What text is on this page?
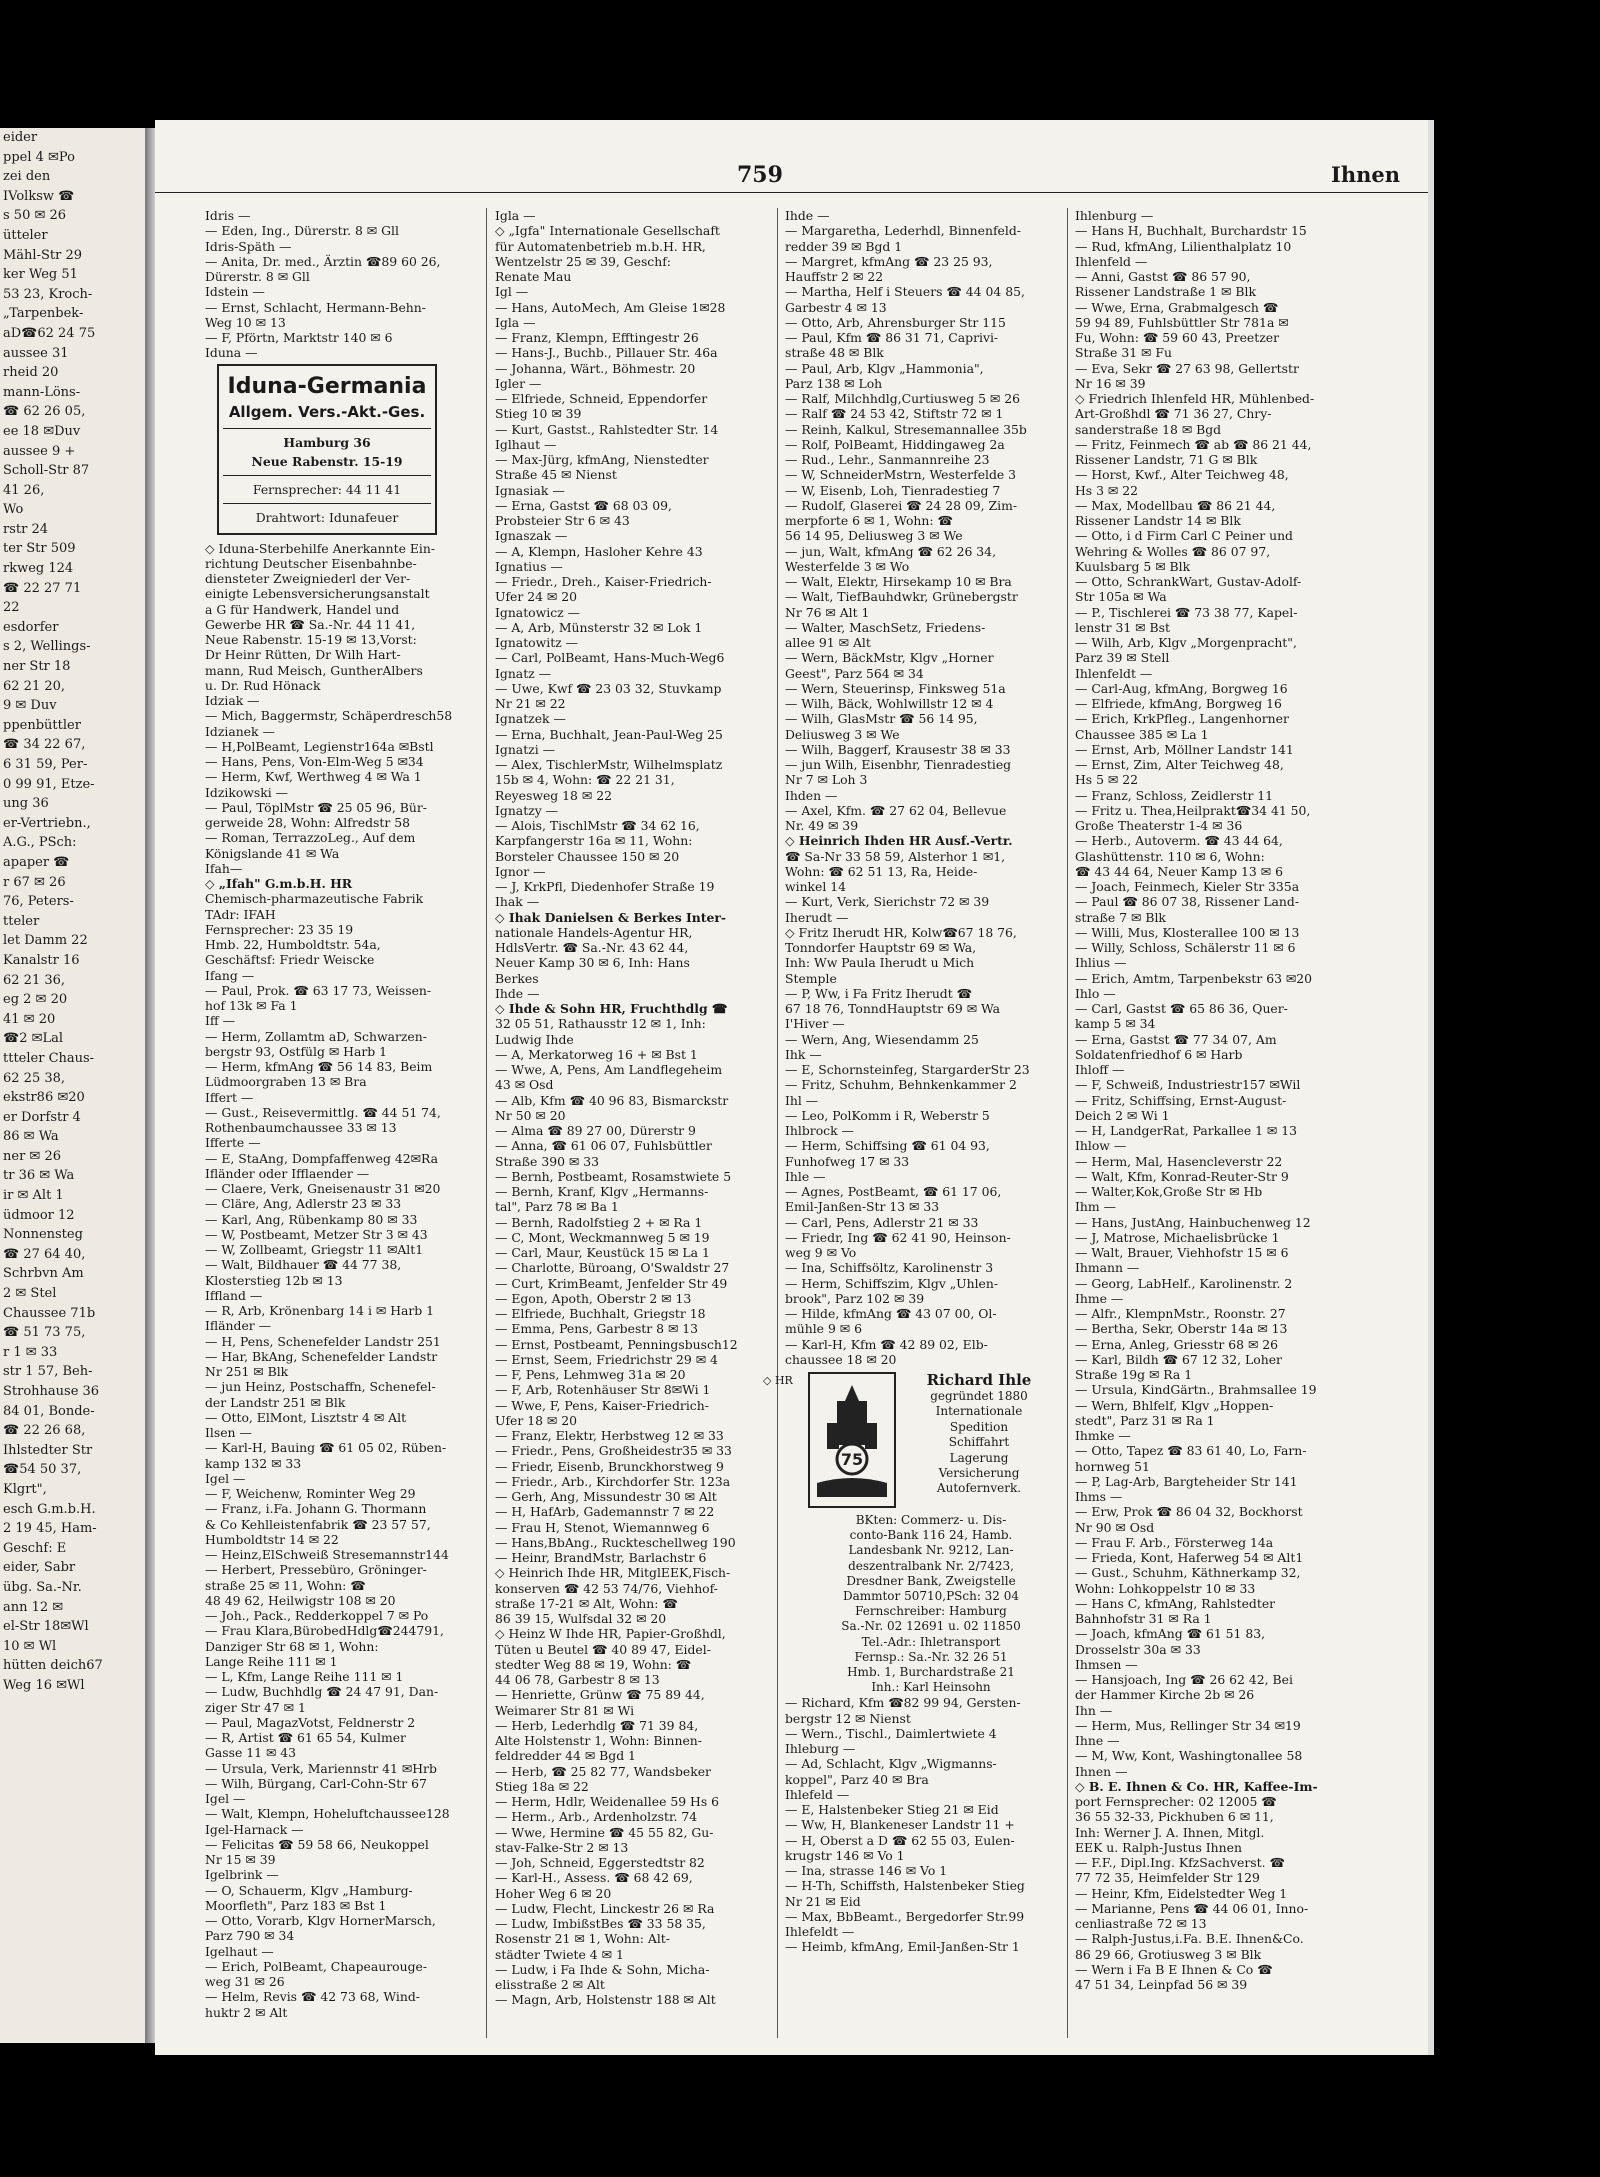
eider
ppel 4 ✉Po
zei den
IVolksw ☎
s 50 ✉ 26
ütteler
Mähl-Str 29
ker Weg 51
53 23, Kroch-
„Tarpenbek-
aD☎62 24 75
aussee 31
rheid 20
mann-Löns-
☎ 62 26 05,
ee 18 ✉Duv
aussee 9 +
Scholl-Str 87
41 26,
Wo
rstr 24
ter Str 509
rkweg 124
☎ 22 27 71
22
esdorfer
s 2, Wellings-
ner Str 18
62 21 20,
9 ✉ Duv
ppenbüttler
☎ 34 22 67,
6 31 59, Per-
0 99 91, Etze-
ung 36
er-Vertriebn.,
A.G., PSch:
apaper ☎
r 67 ✉ 26
76, Peters-
tteler
let Damm 22
Kanalstr 16
62 21 36,
eg 2 ✉ 20
41 ✉ 20
☎2 ✉Lal
ttteler Chaus-
62 25 38,
ekstr86 ✉20
er Dorfstr 4
86 ✉ Wa
ner ✉ 26
tr 36 ✉ Wa
ir ✉ Alt 1
üdmoor 12
Nonnensteg
☎ 27 64 40,
Schrbvn Am
2 ✉ Stel
Chaussee 71b
☎ 51 73 75,
r 1 ✉ 33
str 1 57, Beh-
Strohhause 36
84 01, Bonde-
☎ 22 26 68,
Ihlstedter Str
☎54 50 37,
Klgrt",
esch G.m.b.H.
2 19 45, Ham-
Geschf: E
eider, Sabr
übg. Sa.-Nr.
ann 12 ✉
el-Str 18✉Wl
10 ✉ Wl
hütten deich67
Weg 16 ✉Wl
759	Ihnen
Idris —
— Eden, Ing., Dürerstr. 8 ✉ Gll
Idris-Späth —
— Anita, Dr. med., Ärztin ☎89 60 26,
Dürerstr. 8 ✉ Gll
Idstein —
— Ernst, Schlacht, Hermann-Behn-
Weg 10 ✉ 13
— F, Pförtn, Marktstr 140 ✉ 6
Iduna —
Iduna-Germania
Allgem. Vers.-Akt.-Ges.
Hamburg 36
Neue Rabenstr. 15-19
Fernsprecher: 44 11 41
Drahtwort: Idunafeuer
◇ Iduna-Sterbehilfe Anerkannte Ein-
richtung Deutscher Eisenbahnbe-
diensteter Zweigniederl der Ver-
einigte Lebensversicherungsanstalt
a G für Handwerk, Handel und
Gewerbe HR ☎ Sa.-Nr. 44 11 41,
Neue Rabenstr. 15-19 ✉ 13,Vorst:
Dr Heinr Rütten, Dr Wilh Hart-
mann, Rud Meisch, GuntherAlbers
u. Dr. Rud Hönack
Idziak —
— Mich, Baggermstr, Schäperdresch58
Idzianek —
— H,PolBeamt, Legienstr164a ✉Bstl
— Hans, Pens, Von-Elm-Weg 5 ✉34
— Herm, Kwf, Werthweg 4 ✉ Wa 1
Idzikowski —
— Paul, TöplMstr ☎ 25 05 96, Bür-
gerweide 28, Wohn: Alfredstr 58
— Roman, TerrazzoLeg., Auf dem
Königslande 41 ✉ Wa
Ifah—
◇ „Ifah" G.m.b.H. HR
Chemisch-pharmazeutische Fabrik
TAdr: IFAH
Fernsprecher: 23 35 19
Hmb. 22, Humboldtstr. 54a,
Geschäftsf: Friedr Weiscke
Ifang —
— Paul, Prok. ☎ 63 17 73, Weissen-
hof 13k ✉ Fa 1
Iff —
— Herm, Zollamtm aD, Schwarzen-
bergstr 93, Ostfülg ✉ Harb 1
— Herm, kfmAng ☎ 56 14 83, Beim
Lüdmoorgraben 13 ✉ Bra
Iffert —
— Gust., Reisevermittlg. ☎ 44 51 74,
Rothenbaumchaussee 33 ✉ 13
Ifferte —
— E, StaAng, Dompfaffenweg 42✉Ra
Ifländer oder Ifflaender —
— Claere, Verk, Gneisenaustr 31 ✉20
— Cläre, Ang, Adlerstr 23 ✉ 33
— Karl, Ang, Rübenkamp 80 ✉ 33
— W, Postbeamt, Metzer Str 3 ✉ 43
— W, Zollbeamt, Griegstr 11 ✉Alt1
— Walt, Bildhauer ☎ 44 77 38,
Klosterstieg 12b ✉ 13
Iffland —
— R, Arb, Krönenbarg 14 i ✉ Harb 1
Ifländer —
— H, Pens, Schenefelder Landstr 251
— Har, BkAng, Schenefelder Landstr
Nr 251 ✉ Blk
— jun Heinz, Postschaffn, Schenefel-
der Landstr 251 ✉ Blk
— Otto, ElMont, Lisztstr 4 ✉ Alt
Ilsen —
— Karl-H, Bauing ☎ 61 05 02, Rüben-
kamp 132 ✉ 33
Igel —
— F, Weichenw, Rominter Weg 29
— Franz, i.Fa. Johann G. Thormann
& Co Kehlleistenfabrik ☎ 23 57 57,
Humboldtstr 14 ✉ 22
— Heinz,ElSchweiß Stresemannstr144
— Herbert, Pressebüro, Gröninger-
straße 25 ✉ 11, Wohn: ☎
48 49 62, Heilwigstr 108 ✉ 20
— Joh., Pack., Redderkoppel 7 ✉ Po
— Frau Klara,BürobedHdlg☎244791,
Danziger Str 68 ✉ 1, Wohn:
Lange Reihe 111 ✉ 1
— L, Kfm, Lange Reihe 111 ✉ 1
— Ludw, Buchhdlg ☎ 24 47 91, Dan-
ziger Str 47 ✉ 1
— Paul, MagazVotst, Feldnerstr 2
— R, Artist ☎ 61 65 54, Kulmer
Gasse 11 ✉ 43
— Ursula, Verk, Mariennstr 41 ✉Hrb
— Wilh, Bürgang, Carl-Cohn-Str 67
Igel —
— Walt, Klempn, Hoheluftchaussee128
Igel-Harnack —
— Felicitas ☎ 59 58 66, Neukoppel
Nr 15 ✉ 39
Igelbrink —
— O, Schauerm, Klgv „Hamburg-
Moorfleth", Parz 183 ✉ Bst 1
— Otto, Vorarb, Klgv HornerMarsch,
Parz 790 ✉ 34
Igelhaut —
— Erich, PolBeamt, Chapeaurouge-
weg 31 ✉ 26
— Helm, Revis ☎ 42 73 68, Wind-
huktr 2 ✉ Alt
Igla —
◇ „Igfa" Internationale Gesellschaft
für Automatenbetrieb m.b.H. HR,
Wentzelstr 25 ✉ 39, Geschf:
Renate Mau
Igl —
— Hans, AutoMech, Am Gleise 1✉28
Igla —
— Franz, Klempn, Efftingestr 26
— Hans-J., Buchb., Pillauer Str. 46a
— Johanna, Wärt., Böhmestr. 20
Igler —
— Elfriede, Schneid, Eppendorfer
Stieg 10 ✉ 39
— Kurt, Gastst., Rahlstedter Str. 14
Iglhaut —
— Max-Jürg, kfmAng, Nienstedter
Straße 45 ✉ Nienst
Ignasiak —
— Erna, Gastst ☎ 68 03 09,
Probsteier Str 6 ✉ 43
Ignaszak —
— A, Klempn, Hasloher Kehre 43
Ignatius —
— Friedr., Dreh., Kaiser-Friedrich-
Ufer 24 ✉ 20
Ignatowicz —
— A, Arb, Münsterstr 32 ✉ Lok 1
Ignatowitz —
— Carl, PolBeamt, Hans-Much-Weg6
Ignatz —
— Uwe, Kwf ☎ 23 03 32, Stuvkamp
Nr 21 ✉ 22
Ignatzek —
— Erna, Buchhalt, Jean-Paul-Weg 25
Ignatzi —
— Alex, TischlerMstr, Wilhelmsplatz
15b ✉ 4, Wohn: ☎ 22 21 31,
Reyesweg 18 ✉ 22
Ignatzy —
— Alois, TischlMstr ☎ 34 62 16,
Karpfangerstr 16a ✉ 11, Wohn:
Borsteler Chaussee 150 ✉ 20
Ignor —
— J, KrkPfl, Diedenhofer Straße 19
Ihak —
◇ Ihak Danielsen & Berkes Inter-
nationale Handels-Agentur HR,
HdlsVertr. ☎ Sa.-Nr. 43 62 44,
Neuer Kamp 30 ✉ 6, Inh: Hans
Berkes
Ihde —
◇ Ihde & Sohn HR, Fruchthdlg ☎
32 05 51, Rathausstr 12 ✉ 1, Inh:
Ludwig Ihde
— A, Merkatorweg 16 + ✉ Bst 1
— Wwe, A, Pens, Am Landflegeheim
43 ✉ Osd
— Alb, Kfm ☎ 40 96 83, Bismarckstr
Nr 50 ✉ 20
— Alma ☎ 89 27 00, Dürerstr 9
— Anna, ☎ 61 06 07, Fuhlsbüttler
Straße 390 ✉ 33
— Bernh, Postbeamt, Rosamstwiete 5
— Bernh, Kranf, Klgv „Hermanns-
tal", Parz 78 ✉ Ba 1
— Bernh, Radolfstieg 2 + ✉ Ra 1
— C, Mont, Weckmannweg 5 ✉ 19
— Carl, Maur, Keustück 15 ✉ La 1
— Charlotte, Büroang, O'Swaldstr 27
— Curt, KrimBeamt, Jenfelder Str 49
— Egon, Apoth, Oberstr 2 ✉ 13
— Elfriede, Buchhalt, Griegstr 18
— Emma, Pens, Garbestr 8 ✉ 13
— Ernst, Postbeamt, Penningsbusch12
— Ernst, Seem, Friedrichstr 29 ✉ 4
— F, Pens, Lehmweg 31a ✉ 20
— F, Arb, Rotenhäuser Str 8✉Wi 1
— Wwe, F, Pens, Kaiser-Friedrich-
Ufer 18 ✉ 20
— Franz, Elektr, Herbstweg 12 ✉ 33
— Friedr., Pens, Großheidestr35 ✉ 33
— Friedr, Eisenb, Brunckhorstweg 9
— Friedr., Arb., Kirchdorfer Str. 123a
— Gerh, Ang, Missundestr 30 ✉ Alt
— H, HafArb, Gademannstr 7 ✉ 22
— Frau H, Stenot, Wiemannweg 6
— Hans,BbAng., Ruckteschellweg 190
— Heinr, BrandMstr, Barlachstr 6
◇ Heinrich Ihde HR, MitglEEK,Fisch-
konserven ☎ 42 53 74/76, Viehhof-
straße 17-21 ✉ Alt, Wohn: ☎
86 39 15, Wulfsdal 32 ✉ 20
◇ Heinz W Ihde HR, Papier-Großhdl,
Tüten u Beutel ☎ 40 89 47, Eidel-
stedter Weg 88 ✉ 19, Wohn: ☎
44 06 78, Garbestr 8 ✉ 13
— Henriette, Grünw ☎ 75 89 44,
Weimarer Str 81 ✉ Wi
— Herb, Lederhdlg ☎ 71 39 84,
Alte Holstenstr 1, Wohn: Binnen-
feldredder 44 ✉ Bgd 1
— Herb, ☎ 25 82 77, Wandsbeker
Stieg 18a ✉ 22
— Herm, Hdlr, Weidenallee 59 Hs 6
— Herm., Arb., Ardenholzstr. 74
— Wwe, Hermine ☎ 45 55 82, Gu-
stav-Falke-Str 2 ✉ 13
— Joh, Schneid, Eggerstedtstr 82
— Karl-H., Assess. ☎ 68 42 69,
Hoher Weg 6 ✉ 20
— Ludw, Flecht, Linckestr 26 ✉ Ra
— Ludw, ImbißstBes ☎ 33 58 35,
Rosenstr 21 ✉ 1, Wohn: Alt-
städter Twiete 4 ✉ 1
— Ludw, i Fa Ihde & Sohn, Micha-
elisstraße 2 ✉ Alt
— Magn, Arb, Holstenstr 188 ✉ Alt
Ihde —
— Margaretha, Lederhdl, Binnenfeld-
redder 39 ✉ Bgd 1
— Margret, kfmAng ☎ 23 25 93,
Hauffstr 2 ✉ 22
— Martha, Helf i Steuers ☎ 44 04 85,
Garbestr 4 ✉ 13
— Otto, Arb, Ahrensburger Str 115
— Paul, Kfm ☎ 86 31 71, Caprivi-
straße 48 ✉ Blk
— Paul, Arb, Klgv „Hammonia",
Parz 138 ✉ Loh
— Ralf, Milchhdlg,Curtiusweg 5 ✉ 26
— Ralf ☎ 24 53 42, Stiftstr 72 ✉ 1
— Reinh, Kalkul, Stresemannallee 35b
— Rolf, PolBeamt, Hiddingaweg 2a
— Rud., Lehr., Sanmannreihe 23
— W, SchneiderMstrn, Westerfelde 3
— W, Eisenb, Loh, Tienradestieg 7
— Rudolf, Glaserei ☎ 24 28 09, Zim-
merpforte 6 ✉ 1, Wohn: ☎
56 14 95, Deliusweg 3 ✉ We
— jun, Walt, kfmAng ☎ 62 26 34,
Westerfelde 3 ✉ Wo
— Walt, Elektr, Hirsekamp 10 ✉ Bra
— Walt, TiefBauhdwkr, Grünebergstr
Nr 76 ✉ Alt 1
— Walter, MaschSetz, Friedens-
allee 91 ✉ Alt
— Wern, BäckMstr, Klgv „Horner
Geest", Parz 564 ✉ 34
— Wern, Steuerinsp, Finksweg 51a
— Wilh, Bäck, Wohlwillstr 12 ✉ 4
— Wilh, GlasMstr ☎ 56 14 95,
Deliusweg 3 ✉ We
— Wilh, Baggerf, Krausestr 38 ✉ 33
— jun Wilh, Eisenbhr, Tienradestieg
Nr 7 ✉ Loh 3
Ihden —
— Axel, Kfm. ☎ 27 62 04, Bellevue
Nr. 49 ✉ 39
◇ Heinrich Ihden HR Ausf.-Vertr.
☎ Sa-Nr 33 58 59, Alsterhor 1 ✉1,
Wohn: ☎ 62 51 13, Ra, Heide-
winkel 14
— Kurt, Verk, Sierichstr 72 ✉ 39
Iherudt —
◇ Fritz Iherudt HR, Kolw☎67 18 76,
Tonndorfer Hauptstr 69 ✉ Wa,
Inh: Ww Paula Iherudt u Mich
Stemple
— P, Ww, i Fa Fritz Iherudt ☎
67 18 76, TonndHauptstr 69 ✉ Wa
I'Hiver —
— Wern, Ang, Wiesendamm 25
Ihk —
— E, Schornsteinfeg, StargarderStr 23
— Fritz, Schuhm, Behnkenkammer 2
Ihl —
— Leo, PolKomm i R, Weberstr 5
Ihlbrock —
— Herm, Schiffsing ☎ 61 04 93,
Funhofweg 17 ✉ 33
Ihle —
— Agnes, PostBeamt, ☎ 61 17 06,
Emil-Janßen-Str 13 ✉ 33
— Carl, Pens, Adlerstr 21 ✉ 33
— Friedr, Ing ☎ 62 41 90, Heinson-
weg 9 ✉ Vo
— Ina, Schiffsöltz, Karolinenstr 3
— Herm, Schiffszim, Klgv „Uhlen-
brook", Parz 102 ✉ 39
— Hilde, kfmAng ☎ 43 07 00, Ol-
mühle 9 ✉ 6
— Karl-H, Kfm ☎ 42 89 02, Elb-
chaussee 18 ✉ 20
75
Richard Ihle
gegründet 1880
Internationale
Spedition
Schiffahrt
Lagerung
Versicherung
Autofernverk.
BKten: Commerz- u. Dis-
conto-Bank 116 24, Hamb.
Landesbank Nr. 9212, Lan-
deszentralbank Nr. 2/7423,
Dresdner Bank, Zweigstelle
Dammtor 50710,PSch: 32 04
Fernschreiber: Hamburg
Sa.-Nr. 02 12691 u. 02 11850
Tel.-Adr.: Ihletransport
Fernsp.: Sa.-Nr. 32 26 51
Hmb. 1, Burchardstraße 21
Inh.: Karl Heinsohn
◇ HR
— Richard, Kfm ☎82 99 94, Gersten-
bergstr 12 ✉ Nienst
— Wern., Tischl., Daimlertwiete 4
Ihleburg —
— Ad, Schlacht, Klgv „Wigmanns-
koppel", Parz 40 ✉ Bra
Ihlefeld —
— E, Halstenbeker Stieg 21 ✉ Eid
— Ww, H, Blankeneser Landstr 11 +
— H, Oberst a D ☎ 62 55 03, Eulen-
krugstr 146 ✉ Vo 1
— Ina, strasse 146 ✉ Vo 1
— H-Th, Schiffsth, Halstenbeker Stieg
Nr 21 ✉ Eid
— Max, BbBeamt., Bergedorfer Str.99
Ihlefeldt —
— Heimb, kfmAng, Emil-Janßen-Str 1
Ihlenburg —
— Hans H, Buchhalt, Burchardstr 15
— Rud, kfmAng, Lilienthalplatz 10
Ihlenfeld —
— Anni, Gastst ☎ 86 57 90,
Rissener Landstraße 1 ✉ Blk
— Wwe, Erna, Grabmalgesch ☎
59 94 89, Fuhlsbüttler Str 781a ✉
Fu, Wohn: ☎ 59 60 43, Preetzer
Straße 31 ✉ Fu
— Eva, Sekr ☎ 27 63 98, Gellertstr
Nr 16 ✉ 39
◇ Friedrich Ihlenfeld HR, Mühlenbed-
Art-Großhdl ☎ 71 36 27, Chry-
sanderstraße 18 ✉ Bgd
— Fritz, Feinmech ☎ ab ☎ 86 21 44,
Rissener Landstr, 71 G ✉ Blk
— Horst, Kwf., Alter Teichweg 48,
Hs 3 ✉ 22
— Max, Modellbau ☎ 86 21 44,
Rissener Landstr 14 ✉ Blk
— Otto, i d Firm Carl C Peiner und
Wehring & Wolles ☎ 86 07 97,
Kuulsbarg 5 ✉ Blk
— Otto, SchrankWart, Gustav-Adolf-
Str 105a ✉ Wa
— P., Tischlerei ☎ 73 38 77, Kapel-
lenstr 31 ✉ Bst
— Wilh, Arb, Klgv „Morgenpracht",
Parz 39 ✉ Stell
Ihlenfeldt —
— Carl-Aug, kfmAng, Borgweg 16
— Elfriede, kfmAng, Borgweg 16
— Erich, KrkPfleg., Langenhorner
Chaussee 385 ✉ La 1
— Ernst, Arb, Möllner Landstr 141
— Ernst, Zim, Alter Teichweg 48,
Hs 5 ✉ 22
— Franz, Schloss, Zeidlerstr 11
— Fritz u. Thea,Heilprakt☎34 41 50,
Große Theaterstr 1-4 ✉ 36
— Herb., Autoverm. ☎ 43 44 64,
Glashüttenstr. 110 ✉ 6, Wohn:
☎ 43 44 64, Neuer Kamp 13 ✉ 6
— Joach, Feinmech, Kieler Str 335a
— Paul ☎ 86 07 38, Rissener Land-
straße 7 ✉ Blk
— Willi, Mus, Klosterallee 100 ✉ 13
— Willy, Schloss, Schälerstr 11 ✉ 6
Ihlius —
— Erich, Amtm, Tarpenbekstr 63 ✉20
Ihlo —
— Carl, Gastst ☎ 65 86 36, Quer-
kamp 5 ✉ 34
— Erna, Gastst ☎ 77 34 07, Am
Soldatenfriedhof 6 ✉ Harb
Ihloff —
— F, Schweiß, Industriestr157 ✉Wil
— Fritz, Schiffsing, Ernst-August-
Deich 2 ✉ Wi 1
— H, LandgerRat, Parkallee 1 ✉ 13
Ihlow —
— Herm, Mal, Hasencleverstr 22
— Walt, Kfm, Konrad-Reuter-Str 9
— Walter,Kok,Große Str ✉ Hb
Ihm —
— Hans, JustAng, Hainbuchenweg 12
— J, Matrose, Michaelisbrücke 1
— Walt, Brauer, Viehhofstr 15 ✉ 6
Ihmann —
— Georg, LabHelf., Karolinenstr. 2
Ihme —
— Alfr., KlempnMstr., Roonstr. 27
— Bertha, Sekr, Oberstr 14a ✉ 13
— Erna, Anleg, Griesstr 68 ✉ 26
— Karl, Bildh ☎ 67 12 32, Loher
Straße 19g ✉ Ra 1
— Ursula, KindGärtn., Brahmsallee 19
— Wern, Bhlfelf, Klgv „Hoppen-
stedt", Parz 31 ✉ Ra 1
Ihmke —
— Otto, Tapez ☎ 83 61 40, Lo, Farn-
hornweg 51
— P, Lag-Arb, Bargteheider Str 141
Ihms —
— Erw, Prok ☎ 86 04 32, Bockhorst
Nr 90 ✉ Osd
— Frau F. Arb., Försterweg 14a
— Frieda, Kont, Haferweg 54 ✉ Alt1
— Gust., Schuhm, Käthnerkamp 32,
Wohn: Lohkoppelstr 10 ✉ 33
— Hans C, kfmAng, Rahlstedter
Bahnhofstr 31 ✉ Ra 1
— Joach, kfmAng ☎ 61 51 83,
Drosselstr 30a ✉ 33
Ihmsen —
— Hansjoach, Ing ☎ 26 62 42, Bei
der Hammer Kirche 2b ✉ 26
Ihn —
— Herm, Mus, Rellinger Str 34 ✉19
Ihne —
— M, Ww, Kont, Washingtonallee 58
Ihnen —
◇ B. E. Ihnen & Co. HR, Kaffee-Im-
port Fernsprecher: 02 12005 ☎
36 55 32-33, Pickhuben 6 ✉ 11,
Inh: Werner J. A. Ihnen, Mitgl.
EEK u. Ralph-Justus Ihnen
— F.F., Dipl.Ing. KfzSachverst. ☎
77 72 35, Heimfelder Str 129
— Heinr, Kfm, Eidelstedter Weg 1
— Marianne, Pens ☎ 44 06 01, Inno-
cenliastraße 72 ✉ 13
— Ralph-Justus,i.Fa. B.E. Ihnen&Co.
86 29 66, Grotiusweg 3 ✉ Blk
— Wern i Fa B E Ihnen & Co ☎
47 51 34, Leinpfad 56 ✉ 39
